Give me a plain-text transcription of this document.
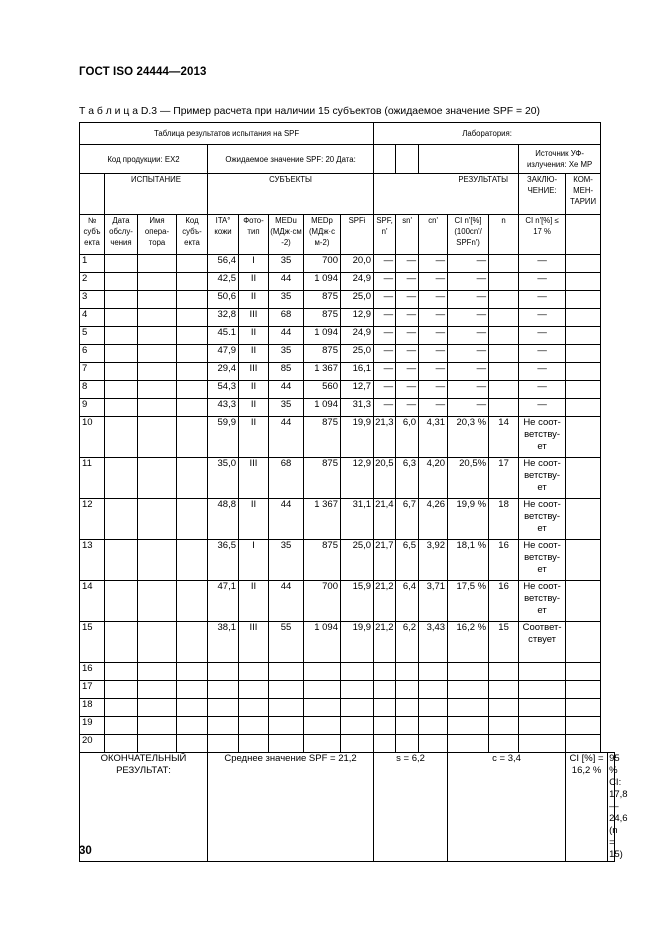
ГОСТ ISO 24444—2013
Т а б л и ц а D.3 — Пример расчета при наличии 15 субъектов (ожидаемое значение SPF = 20)
Таблица результатов испытания на SPF									Лаборатория:							
Код продукции: EX2				Ожидаемое значение SPF: 20 Дата:										Источник УФ-излучения: Xe MP		
	ИСПЫТАНИЕ			СУБЪЕКТЫ					РЕЗУЛЬТАТЫ					ЗАКЛЮ-ЧЕНИЕ:	КОМ-МЕН-ТАРИИ	
№ субъ екта	Дата обслу-чения	Имя опера-тора	Код субъ-екта	ITA° кожи	Фото-тип	MEDu (МДж·см -2)	MEDp (МДж·с м-2)	SPFi	SPF, n'	sn'	cn'	CI n'[%] (100cn'/ SPFn')	n	CI n'[%] ≤ 17 %		
1				56,4	I	35	700	20,0	—	—	—	—		—		
2				42,5	II	44	1 094	24,9	—	—	—	—		—		
3				50,6	II	35	875	25,0	—	—	—	—		—		
4				32,8	III	68	875	12,9	—	—	—	—		—		
5				45.1	II	44	1 094	24,9	—	—	—	—		—		
6				47,9	II	35	875	25,0	—	—	—	—		—		
7				29,4	III	85	1 367	16,1	—	—	—	—		—		
8				54,3	II	44	560	12,7	—	—	—	—		—		
9				43,3	II	35	1 094	31,3	—	—	—	—		—		
10				59,9	II	44	875	19,9	21,3	6,0	4,31	20,3 %	14	Не соот-ветству-ет		
11				35,0	III	68	875	12,9	20,5	6,3	4,20	20,5%	17	Не соот-ветству-ет		
12				48,8	II	44	1 367	31,1	21,4	6,7	4,26	19,9 %	18	Не соот-ветству-ет		
13				36,5	I	35	875	25,0	21,7	6,5	3,92	18,1 %	16	Не соот-ветству-ет		
14				47,1	II	44	700	15,9	21,2	6,4	3,71	17,5 %	16	Не соот-ветству-ет		
15				38,1	III	55	1 094	19,9	21,2	6,2	3,43	16,2 %	15	Соответ-ствует		
16																
17																
18																
19																
20																
ОКОНЧАТЕЛЬНЫЙ РЕЗУЛЬТАТ:				Среднее значение SPF = 21,2					s = 6,2			c = 3,4			CI [%] = 16,2 %	95 % CI: 17,8 — 24,6 (n = 15)
30
